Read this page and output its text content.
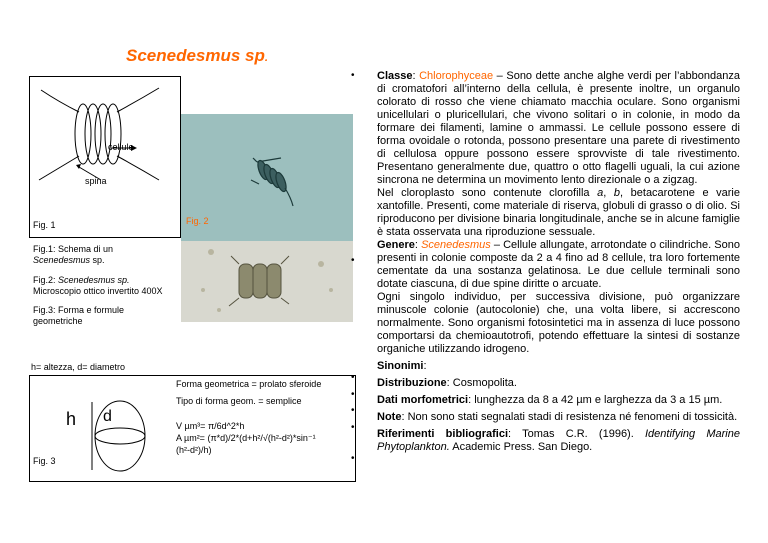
Scenedesmus sp.
cellule
spina
Fig. 1	Fig. 2
Fig.1: Schema di un
Scenedesmus sp.
Fig.2: Scenedesmus sp.
Microscopio ottico invertito 400X
Fig.3: Forma e formule
geometriche
h= altezza, d= diametro
h d
Fig. 3
Forma geometrica = prolato sferoide
Tipo di forma geom. = semplice
V µm³= π/6d^2*h
A µm²= (π*d)/2*(d+h²/√(h²-d²)*sin⁻¹
(h²-d²)/h)
•
•
•
•
•
•
•

Classe: Chlorophyceae – Sono dette anche alghe verdi per l’abbondanza di cromatofori all’interno della cellula, è presente inoltre, un organulo colorato di rosso che viene chiamato macchia oculare. Sono organismi unicellulari o pluricellulari, che vivono solitari o in colonie, in modo da formare dei filamenti, lamine o ammassi. Le cellule possono essere di forma ovoidale o rotonda, possono presentare una parete di rivestimento di cellulosa oppure possono essere sprovviste di tale rivestimento. Presentano generalmente due, quattro o otto flagelli uguali, la cui azione sincrona ne determina un movimento lento direzionale o a zigzag.

Nel cloroplasto sono contenute clorofilla a, b, betacarotene e varie xantofille. Presenti, come materiale di riserva, globuli di grasso o di olio. Si riproducono per divisione binaria longitudinale, anche se in alcune famiglie è stata osservata una riproduzione sessuale.

Genere: Scenedesmus – Cellule allungate, arrotondate o cilindriche. Sono presenti in colonie composte da 2 a 4 fino ad 8 cellule, tra loro fortemente cementate da una sostanza gelatinosa. Le due cellule terminali sono dotate ciascuna, di due spine diritte o arcuate.

Ogni singolo individuo, per successiva divisione, può organizzare minuscole colonie (autocolonie) che, una volta libere, si accrescono normalmente. Sono organismi fotosintetici ma in assenza di luce possono comportarsi da chemioautotrofi, potendo effettuare la sintesi di sostanze organiche utilizzando idrogeno.

Sinonimi:

Distribuzione: Cosmopolita.

Dati morfometrici: lunghezza da 8 a 42 µm e larghezza da 3 a 15 µm.

Note: Non sono stati segnalati stadi di resistenza né fenomeni di tossicità.

Riferimenti bibliografici: Tomas C.R. (1996). Identifying Marine Phytoplankton. Academic Press. San Diego.
